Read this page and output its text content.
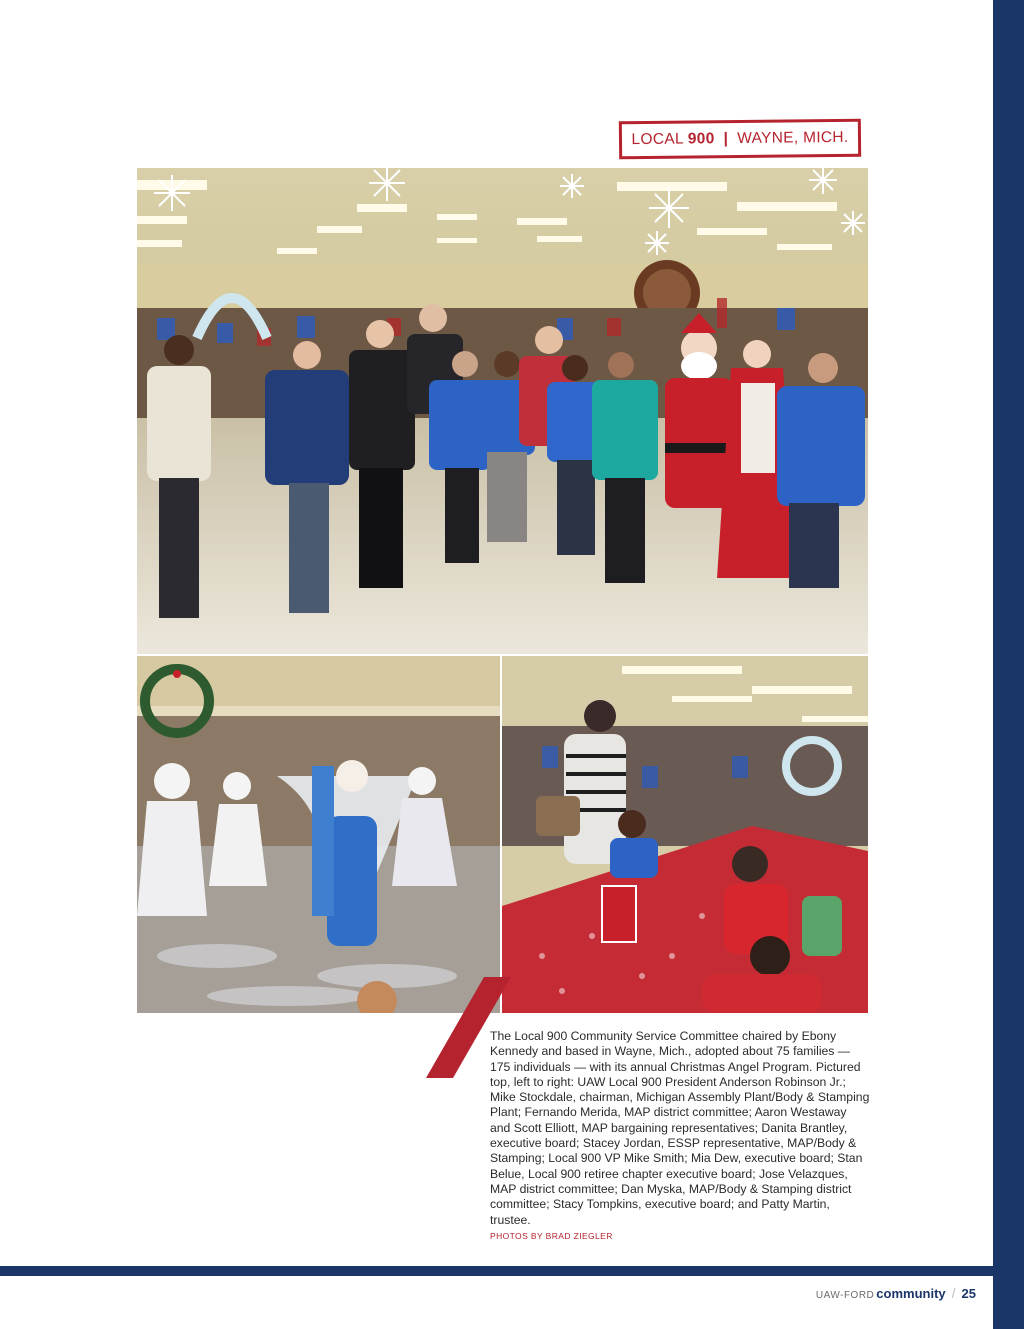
LOCAL 900 | WAYNE, MICH.

The Local 900 Community Service Committee chaired by Ebony Kennedy and based in Wayne, Mich., adopted about 75 families — 175 individuals — with its annual Christmas Angel Program. Pictured top, left to right: UAW Local 900 President Anderson Robinson Jr.; Mike Stockdale, chairman, Michigan Assembly Plant/Body & Stamping Plant; Fernando Merida, MAP district committee; Aaron Westaway and Scott Elliott, MAP bargaining representatives; Danita Brantley, executive board; Stacey Jordan, ESSP representative, MAP/Body & Stamping; Local 900 VP Mike Smith; Mia Dew, executive board; Stan Belue, Local 900 retiree chapter executive board; Jose Velazques, MAP district committee; Dan Myska, MAP/Body & Stamping district committee; Stacy Tompkins, executive board; and Patty Martin, trustee.

PHOTOS BY BRAD ZIEGLER
UAW-FORD community / 25
